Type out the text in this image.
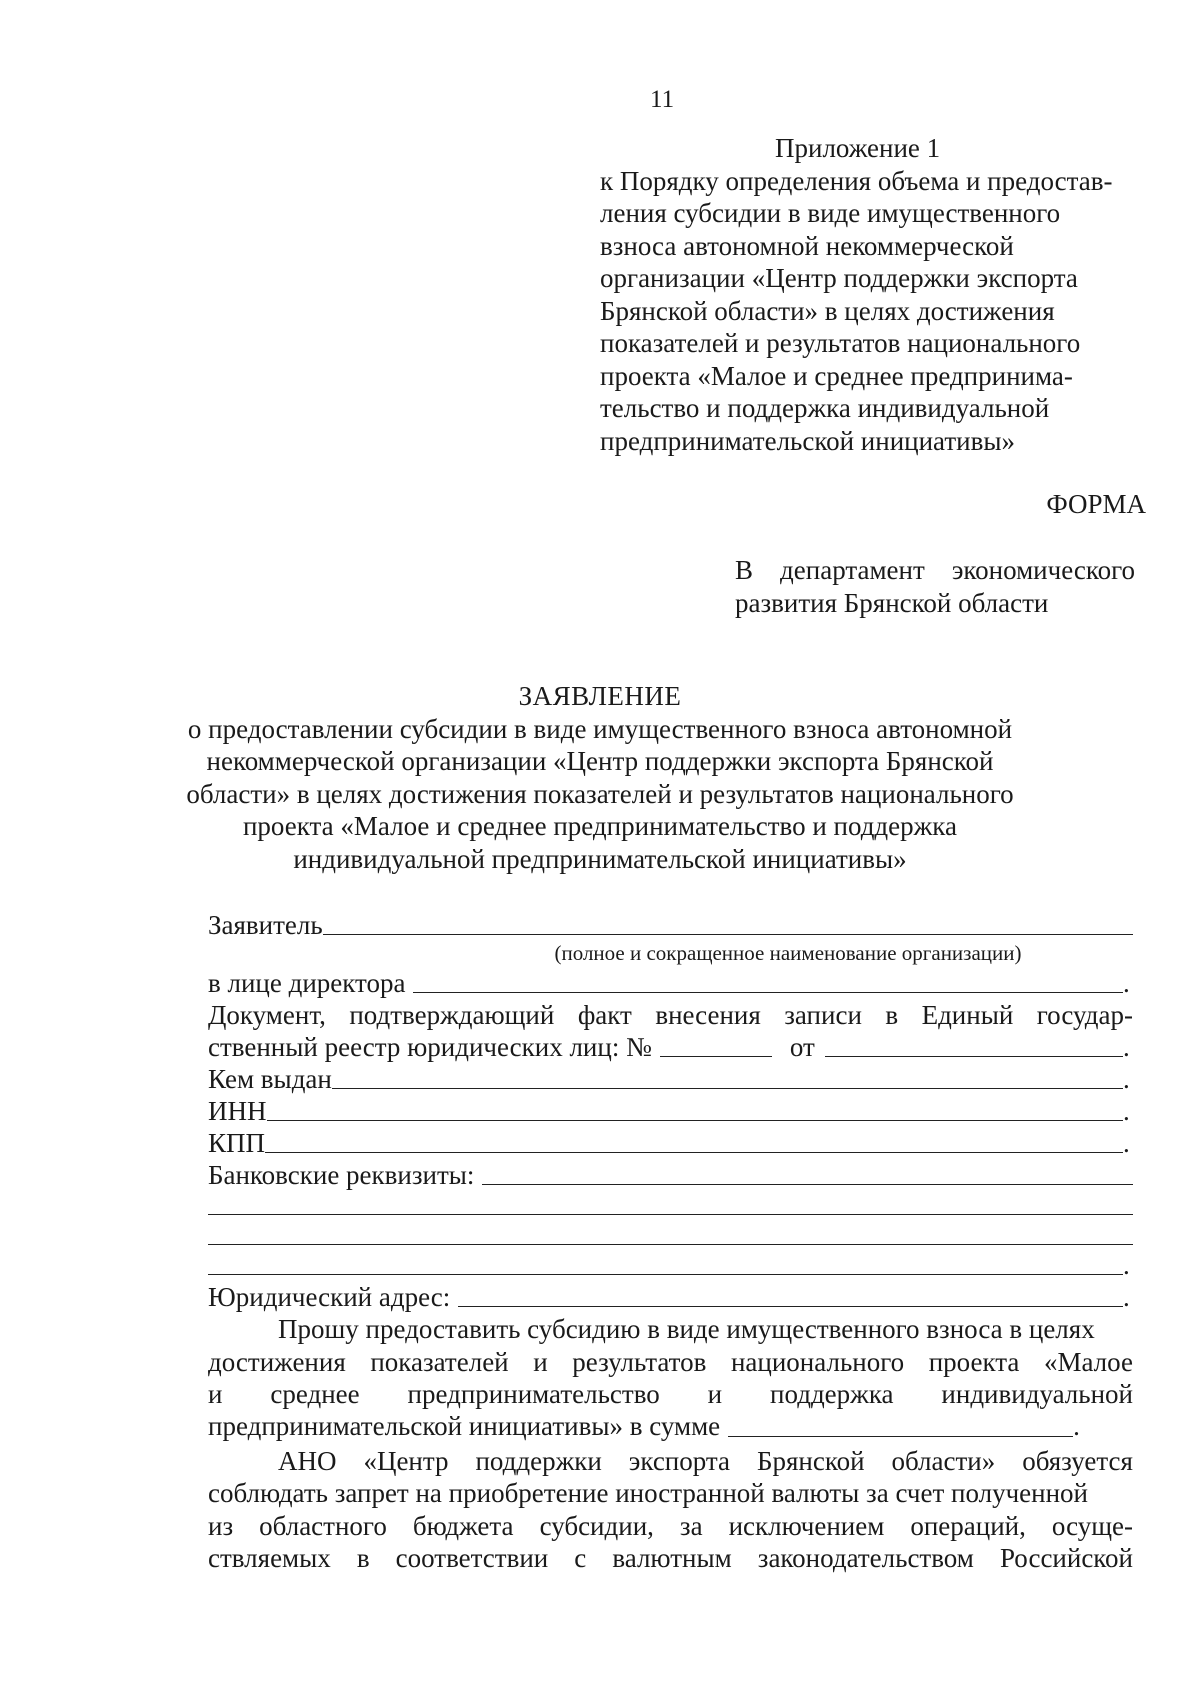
11
Приложение 1
к Порядку определения объема и предостав-
ления субсидии в виде имущественного
взноса автономной некоммерческой
организации «Центр поддержки экспорта
Брянской области» в целях достижения
показателей и результатов национального
проекта «Малое и среднее предпринима-
тельство и поддержка индивидуальной
предпринимательской инициативы»
ФОРМА
В департамент экономического
развития Брянской области
ЗАЯВЛЕНИЕ
о предоставлении субсидии в виде имущественного взноса автономной
некоммерческой организации «Центр поддержки экспорта Брянской
области» в целях достижения показателей и результатов национального
проекта «Малое и среднее предпринимательство и поддержка
индивидуальной предпринимательской инициативы»
Заявитель
(полное и сокращенное наименование организации)
в лице директора	.
Документ, подтверждающий факт внесения записи в Единый государ-
ственный реестр юридических лиц: №	от	.
Кем выдан	.
ИНН	.
КПП	.
Банковские реквизиты:
.
Юридический адрес:	.
Прошу предоставить субсидию в виде имущественного взноса в целях
достижения показателей и результатов национального проекта «Малое
и среднее предпринимательство и поддержка индивидуальной
предпринимательской инициативы» в сумме	.
АНО «Центр поддержки экспорта Брянской области» обязуется
соблюдать запрет на приобретение иностранной валюты за счет полученной
из областного бюджета субсидии, за исключением операций, осуще-
ствляемых в соответствии с валютным законодательством Российской
